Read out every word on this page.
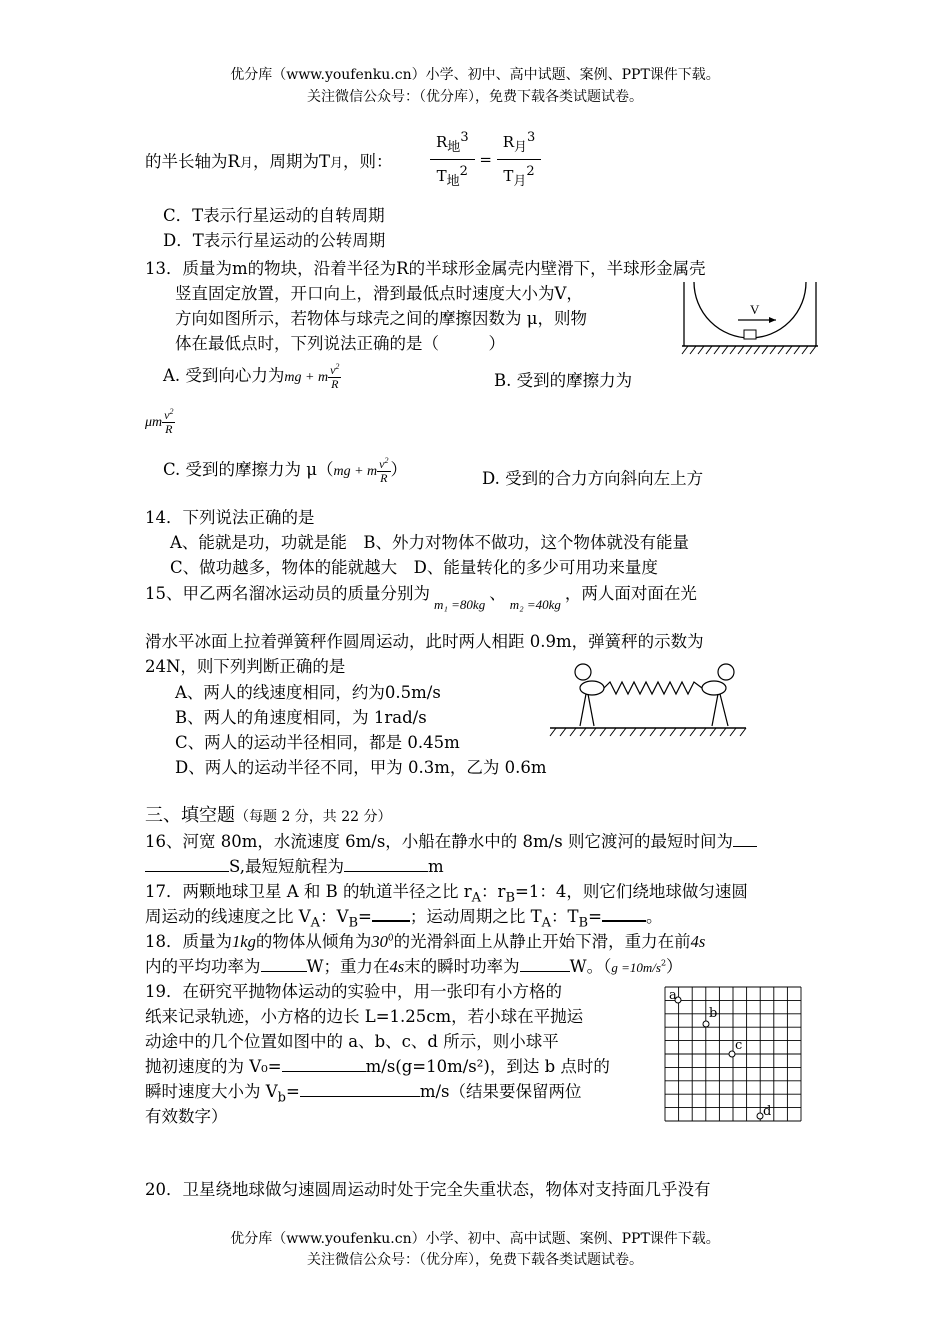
优分库（www.youfenku.cn）小学、初中、高中试题、案例、PPT课件下载。
关注微信公众号：（优分库），免费下载各类试题试卷。
的半长轴为R月，周期为T月，则：
$R_地^3$
$T_地^2$
=
$R_月^3$
$T_月^2$
C．T表示行星运动的自转周期
D．T表示行星运动的公转周期
13．质量为m的物块，沿着半径为R的半球形金属壳内壁滑下，半球形金属壳
竖直固定放置，开口向上，滑到最低点时速度大小为V，
方向如图所示，若物体与球壳之间的摩擦因数为 μ，则物
体在最低点时，下列说法正确的是（　　　）
V
A. 受到向心力为mg + m $\frac{v^2}{R}$	B. 受到的摩擦力为
μm $\frac{v^2}{R}$
C. 受到的摩擦力为 μ（mg + m $\frac{v^2}{R}$ ）	D. 受到的合力方向斜向左上方
14．下列说法正确的是
A、能就是功，功就是能　B、外力对物体不做功，这个物体就没有能量
C、做功越多，物体的能就越大　D、能量转化的多少可用功来量度
15、甲乙两名溜冰运动员的质量分别为m₁ =80kg、m₂ =40kg，两人面对面在光
滑水平冰面上拉着弹簧秤作圆周运动，此时两人相距 0.9m，弹簧秤的示数为
24N，则下列判断正确的是
A、两人的线速度相同，约为0.5m/s
B、两人的角速度相同，为 1rad/s
C、两人的运动半径相同，都是 0.45m
D、两人的运动半径不同，甲为 0.3m，乙为 0.6m
三、填空题（每题 2 分，共 22 分）
16、河宽 80m，水流速度 6m/s，小船在静水中的 8m/s 则它渡河的最短时间为
S,最短短航程为	m
17．两颗地球卫星 A 和 B 的轨道半径之比 $r_A$：$r_B=1$：4，则它们绕地球做匀速圆
周运动的线速度之比 $V_A$：$V_B=$ ；运动周期之比 $T_A$：$T_B=$	。
18．质量为1kg的物体从倾角为$30^0$的光滑斜面上从静止开始下滑，重力在前4s
内的平均功率为	W；重力在4s末的瞬时功率为	W。$(g =10m/s^2)$
19．在研究平抛物体运动的实验中，用一张印有小方格的
纸来记录轨迹，小方格的边长 L=1.25cm，若小球在平抛运
动途中的几个位置如图中的 a、b、c、d 所示，则小球平
抛初速度的为 V₀=	m/s(g=10m/s²)，到达 b 点时的
瞬时速度大小为 $V_b=$	m/s（结果要保留两位
有效数字）
a
b
c
d
20．卫星绕地球做匀速圆周运动时处于完全失重状态，物体对支持面几乎没有
优分库（www.youfenku.cn）小学、初中、高中试题、案例、PPT课件下载。
关注微信公众号：（优分库），免费下载各类试题试卷。
